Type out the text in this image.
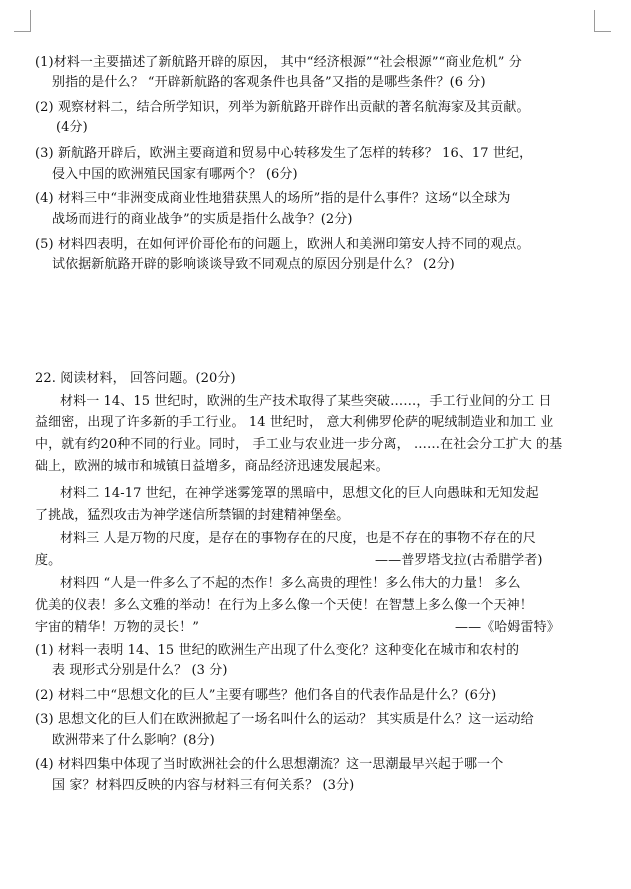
(1)材料一主要描述了新航路开辟的原因， 其中“经济根源”“社会根源”“商业危机” 分
别指的是什么？ “开辟新航路的客观条件也具备”又指的是哪些条件？(6 分)
(2) 观察材料二，结合所学知识，列举为新航路开辟作出贡献的著名航海家及其贡献。
(4分)
(3) 新航路开辟后，欧洲主要商道和贸易中心转移发生了怎样的转移？ 16、17 世纪，
侵入中国的欧洲殖民国家有哪两个？ (6分)
(4) 材料三中“非洲变成商业性地猎获黑人的场所”指的是什么事件？这场“以全球为
战场而进行的商业战争”的实质是指什么战争？(2分)
(5) 材料四表明，在如何评价哥伦布的问题上，欧洲人和美洲印第安人持不同的观点。
试依据新航路开辟的影响谈谈导致不同观点的原因分别是什么？ (2分)
22. 阅读材料， 回答问题。(20分)
材料一 14、15 世纪时，欧洲的生产技术取得了某些突破……，手工行业间的分工 日
益细密，出现了许多新的手工行业。 14 世纪时， 意大利佛罗伦萨的呢绒制造业和加工 业
中，就有约20种不同的行业。同时， 手工业与农业进一步分离， ……在社会分工扩大 的基
础上，欧洲的城市和城镇日益增多，商品经济迅速发展起来。
材料二 14-17 世纪，在神学迷雾笼罩的黑暗中，思想文化的巨人向愚昧和无知发起
了挑战，猛烈攻击为神学迷信所禁锢的封建精神堡垒。
材料三 人是万物的尺度，是存在的事物存在的尺度，也是不存在的事物不存在的尺
度。	——普罗塔戈拉(古希腊学者)
材料四 “人是一件多么了不起的杰作！多么高贵的理性！多么伟大的力量！ 多么
优美的仪表！多么文雅的举动！在行为上多么像一个天使！在智慧上多么像一个天神！
宇宙的精华！万物的灵长！”	——《哈姆雷特》
(1) 材料一表明 14、15 世纪的欧洲生产出现了什么变化？这种变化在城市和农村的
表 现形式分别是什么？ (3 分)
(2) 材料二中“思想文化的巨人”主要有哪些？他们各自的代表作品是什么？(6分)
(3) 思想文化的巨人们在欧洲掀起了一场名叫什么的运动？ 其实质是什么？这一运动给
欧洲带来了什么影响？(8分)
(4) 材料四集中体现了当时欧洲社会的什么思想潮流？这一思潮最早兴起于哪一个
国 家？材料四反映的内容与材料三有何关系？ (3分)
